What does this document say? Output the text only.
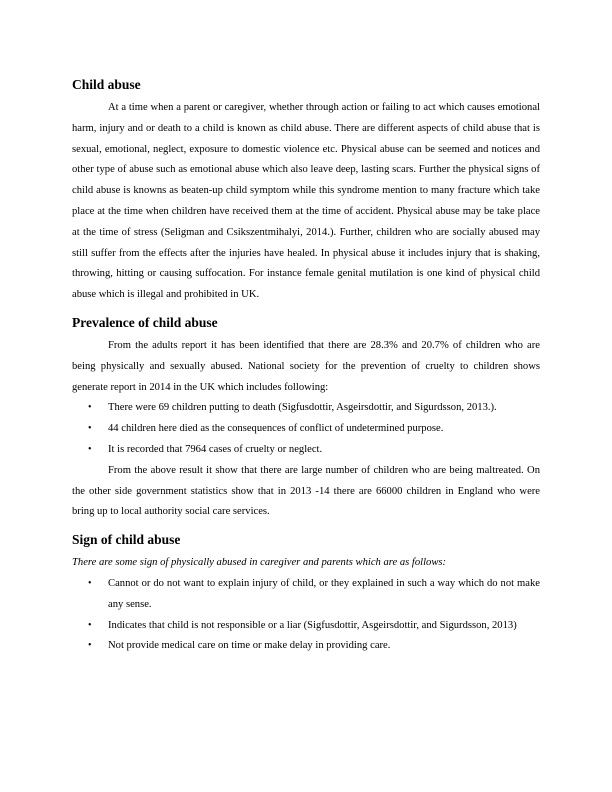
Child abuse

At a time when a parent or caregiver, whether through action or failing to act which causes emotional harm, injury and or death to a child is known as child abuse. There are different aspects of child abuse that is sexual, emotional, neglect, exposure to domestic violence etc. Physical abuse can be seemed and notices and other type of abuse such as emotional abuse which also leave deep, lasting scars. Further the physical signs of child abuse is knowns as beaten-up child symptom while this syndrome mention to many fracture which take place at the time when children have received them at the time of accident. Physical abuse may be take place at the time of stress (Seligman and Csikszentmihalyi, 2014.). Further, children who are socially abused may still suffer from the effects after the injuries have healed. In physical abuse it includes injury that is shaking, throwing, hitting or causing suffocation. For instance female genital mutilation is one kind of physical child abuse which is illegal and prohibited in UK.

Prevalence of child abuse

From the adults report it has been identified that there are 28.3% and 20.7% of children who are being physically and sexually abused. National society for the prevention of cruelty to children shows generate report in 2014 in the UK which includes following:

• There were 69 children putting to death (Sigfusdottir, Asgeirsdottir, and Sigurdsson, 2013.).
• 44 children here died as the consequences of conflict of undetermined purpose.
• It is recorded that 7964 cases of cruelty or neglect.

From the above result it show that there are large number of children who are being maltreated. On the other side government statistics show that in 2013 -14 there are 66000 children in England who were bring up to local authority social care services.

Sign of child abuse

There are some sign of physically abused in caregiver and parents which are as follows:

• Cannot or do not want to explain injury of child, or they explained in such a way which do not make any sense.
• Indicates that child is not responsible or a liar (Sigfusdottir, Asgeirsdottir, and Sigurdsson, 2013)
• Not provide medical care on time or make delay in providing care.
